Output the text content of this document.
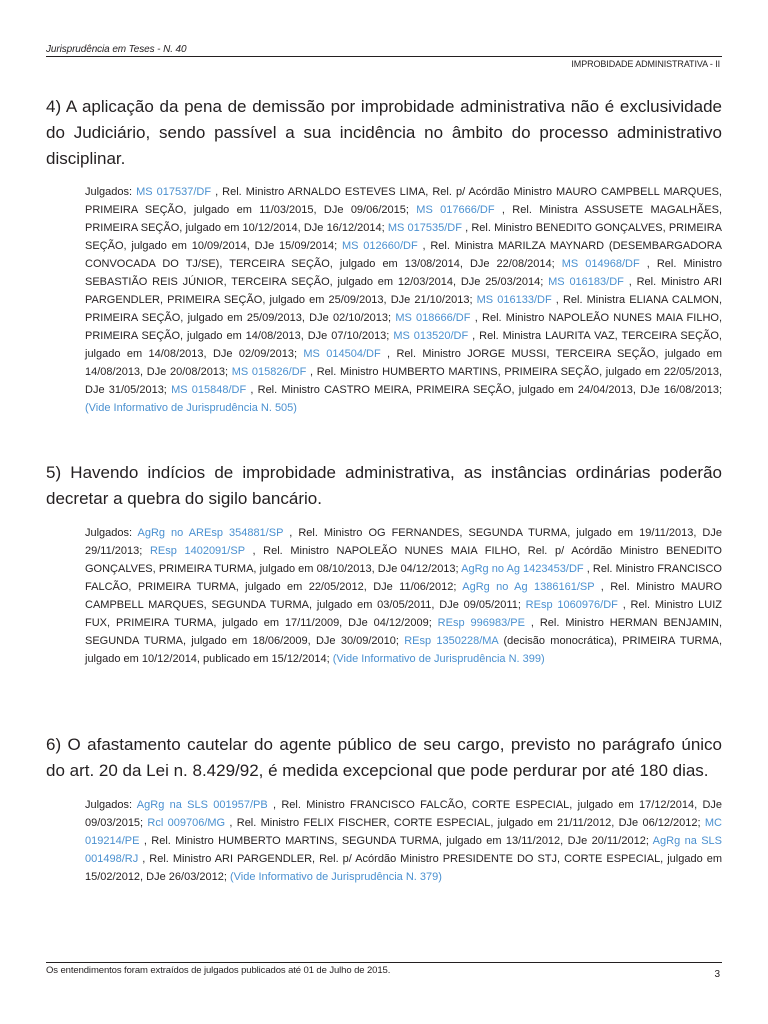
Jurisprudência em Teses - N. 40
IMPROBIDADE ADMINISTRATIVA - II
4) A aplicação da pena de demissão por improbidade administrativa não é exclusividade do Judiciário, sendo passível a sua incidência no âmbito do processo administrativo disciplinar.
Julgados: MS 017537/DF , Rel. Ministro ARNALDO ESTEVES LIMA, Rel. p/ Acórdão Ministro MAURO CAMPBELL MARQUES, PRIMEIRA SEÇÃO, julgado em 11/03/2015, DJe 09/06/2015; MS 017666/DF , Rel. Ministra ASSUSETE MAGALHÃES, PRIMEIRA SEÇÃO, julgado em 10/12/2014, DJe 16/12/2014; MS 017535/DF , Rel. Ministro BENEDITO GONÇALVES, PRIMEIRA SEÇÃO, julgado em 10/09/2014, DJe 15/09/2014; MS 012660/DF , Rel. Ministra MARILZA MAYNARD (DESEMBARGADORA CONVOCADA DO TJ/SE), TERCEIRA SEÇÃO, julgado em 13/08/2014, DJe 22/08/2014; MS 014968/DF , Rel. Ministro SEBASTIÃO REIS JÚNIOR, TERCEIRA SEÇÃO, julgado em 12/03/2014, DJe 25/03/2014; MS 016183/DF , Rel. Ministro ARI PARGENDLER, PRIMEIRA SEÇÃO, julgado em 25/09/2013, DJe 21/10/2013; MS 016133/DF , Rel. Ministra ELIANA CALMON, PRIMEIRA SEÇÃO, julgado em 25/09/2013, DJe 02/10/2013; MS 018666/DF , Rel. Ministro NAPOLEÃO NUNES MAIA FILHO, PRIMEIRA SEÇÃO, julgado em 14/08/2013, DJe 07/10/2013; MS 013520/DF , Rel. Ministra LAURITA VAZ, TERCEIRA SEÇÃO, julgado em 14/08/2013, DJe 02/09/2013; MS 014504/DF , Rel. Ministro JORGE MUSSI, TERCEIRA SEÇÃO, julgado em 14/08/2013, DJe 20/08/2013; MS 015826/DF , Rel. Ministro HUMBERTO MARTINS, PRIMEIRA SEÇÃO, julgado em 22/05/2013, DJe 31/05/2013; MS 015848/DF , Rel. Ministro CASTRO MEIRA, PRIMEIRA SEÇÃO, julgado em 24/04/2013, DJe 16/08/2013; (Vide Informativo de Jurisprudência N. 505)
5) Havendo indícios de improbidade administrativa, as instâncias ordinárias poderão decretar a quebra do sigilo bancário.
Julgados: AgRg no AREsp 354881/SP , Rel. Ministro OG FERNANDES, SEGUNDA TURMA, julgado em 19/11/2013, DJe 29/11/2013; REsp 1402091/SP , Rel. Ministro NAPOLEÃO NUNES MAIA FILHO, Rel. p/ Acórdão Ministro BENEDITO GONÇALVES, PRIMEIRA TURMA, julgado em 08/10/2013, DJe 04/12/2013; AgRg no Ag 1423453/DF , Rel. Ministro FRANCISCO FALCÃO, PRIMEIRA TURMA, julgado em 22/05/2012, DJe 11/06/2012; AgRg no Ag 1386161/SP , Rel. Ministro MAURO CAMPBELL MARQUES, SEGUNDA TURMA, julgado em 03/05/2011, DJe 09/05/2011; REsp 1060976/DF , Rel. Ministro LUIZ FUX, PRIMEIRA TURMA, julgado em 17/11/2009, DJe 04/12/2009; REsp 996983/PE , Rel. Ministro HERMAN BENJAMIN, SEGUNDA TURMA, julgado em 18/06/2009, DJe 30/09/2010; REsp 1350228/MA (decisão monocrática), PRIMEIRA TURMA, julgado em 10/12/2014, publicado em 15/12/2014; (Vide Informativo de Jurisprudência N. 399)
6) O afastamento cautelar do agente público de seu cargo, previsto no parágrafo único do art. 20 da Lei n. 8.429/92, é medida excepcional que pode perdurar por até 180 dias.
Julgados: AgRg na SLS 001957/PB , Rel. Ministro FRANCISCO FALCÃO, CORTE ESPECIAL, julgado em 17/12/2014, DJe 09/03/2015; Rcl 009706/MG , Rel. Ministro FELIX FISCHER, CORTE ESPECIAL, julgado em 21/11/2012, DJe 06/12/2012; MC 019214/PE , Rel. Ministro HUMBERTO MARTINS, SEGUNDA TURMA, julgado em 13/11/2012, DJe 20/11/2012; AgRg na SLS 001498/RJ , Rel. Ministro ARI PARGENDLER, Rel. p/ Acórdão Ministro PRESIDENTE DO STJ, CORTE ESPECIAL, julgado em 15/02/2012, DJe 26/03/2012; (Vide Informativo de Jurisprudência N. 379)
Os entendimentos foram extraídos de julgados publicados até 01 de Julho de 2015.	3
